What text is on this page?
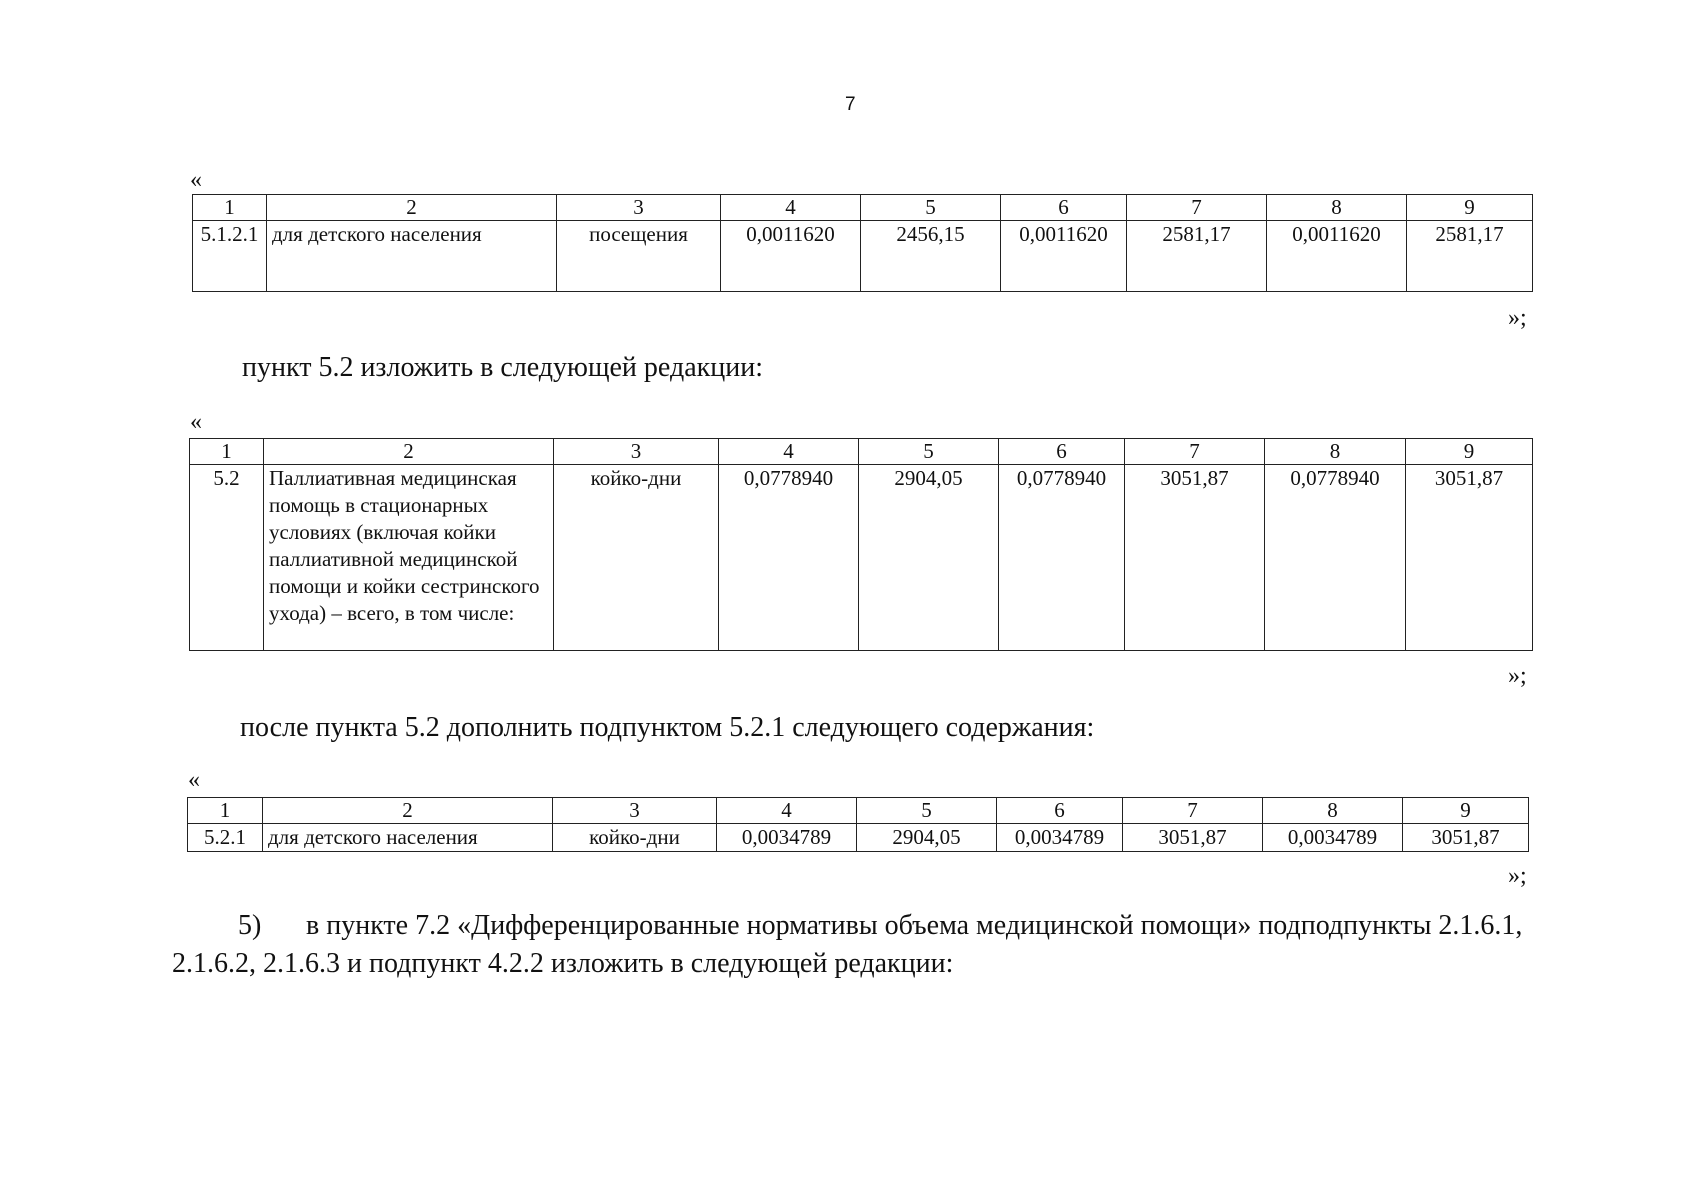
7
«
1	2	3	4	5	6	7	8	9
5.1.2.1	для детского населения	посещения	0,0011620	2456,15	0,0011620	2581,17	0,0011620	2581,17
»;
пункт 5.2 изложить в следующей редакции:
«
1	2	3	4	5	6	7	8	9
5.2	Паллиативная медицинская помощь в стационарных условиях (включая койки паллиативной медицинской помощи и койки сестринского ухода) – всего, в том числе:	койко-дни	0,0778940	2904,05	0,0778940	3051,87	0,0778940	3051,87
»;
после пункта 5.2 дополнить подпунктом 5.2.1 следующего содержания:
«
1	2	3	4	5	6	7	8	9
5.2.1	для детского населения	койко-дни	0,0034789	2904,05	0,0034789	3051,87	0,0034789	3051,87
»;
5) в пункте 7.2 «Дифференцированные нормативы объема медицинской помощи» подподпункты 2.1.6.1,
2.1.6.2, 2.1.6.3 и подпункт 4.2.2 изложить в следующей редакции:
